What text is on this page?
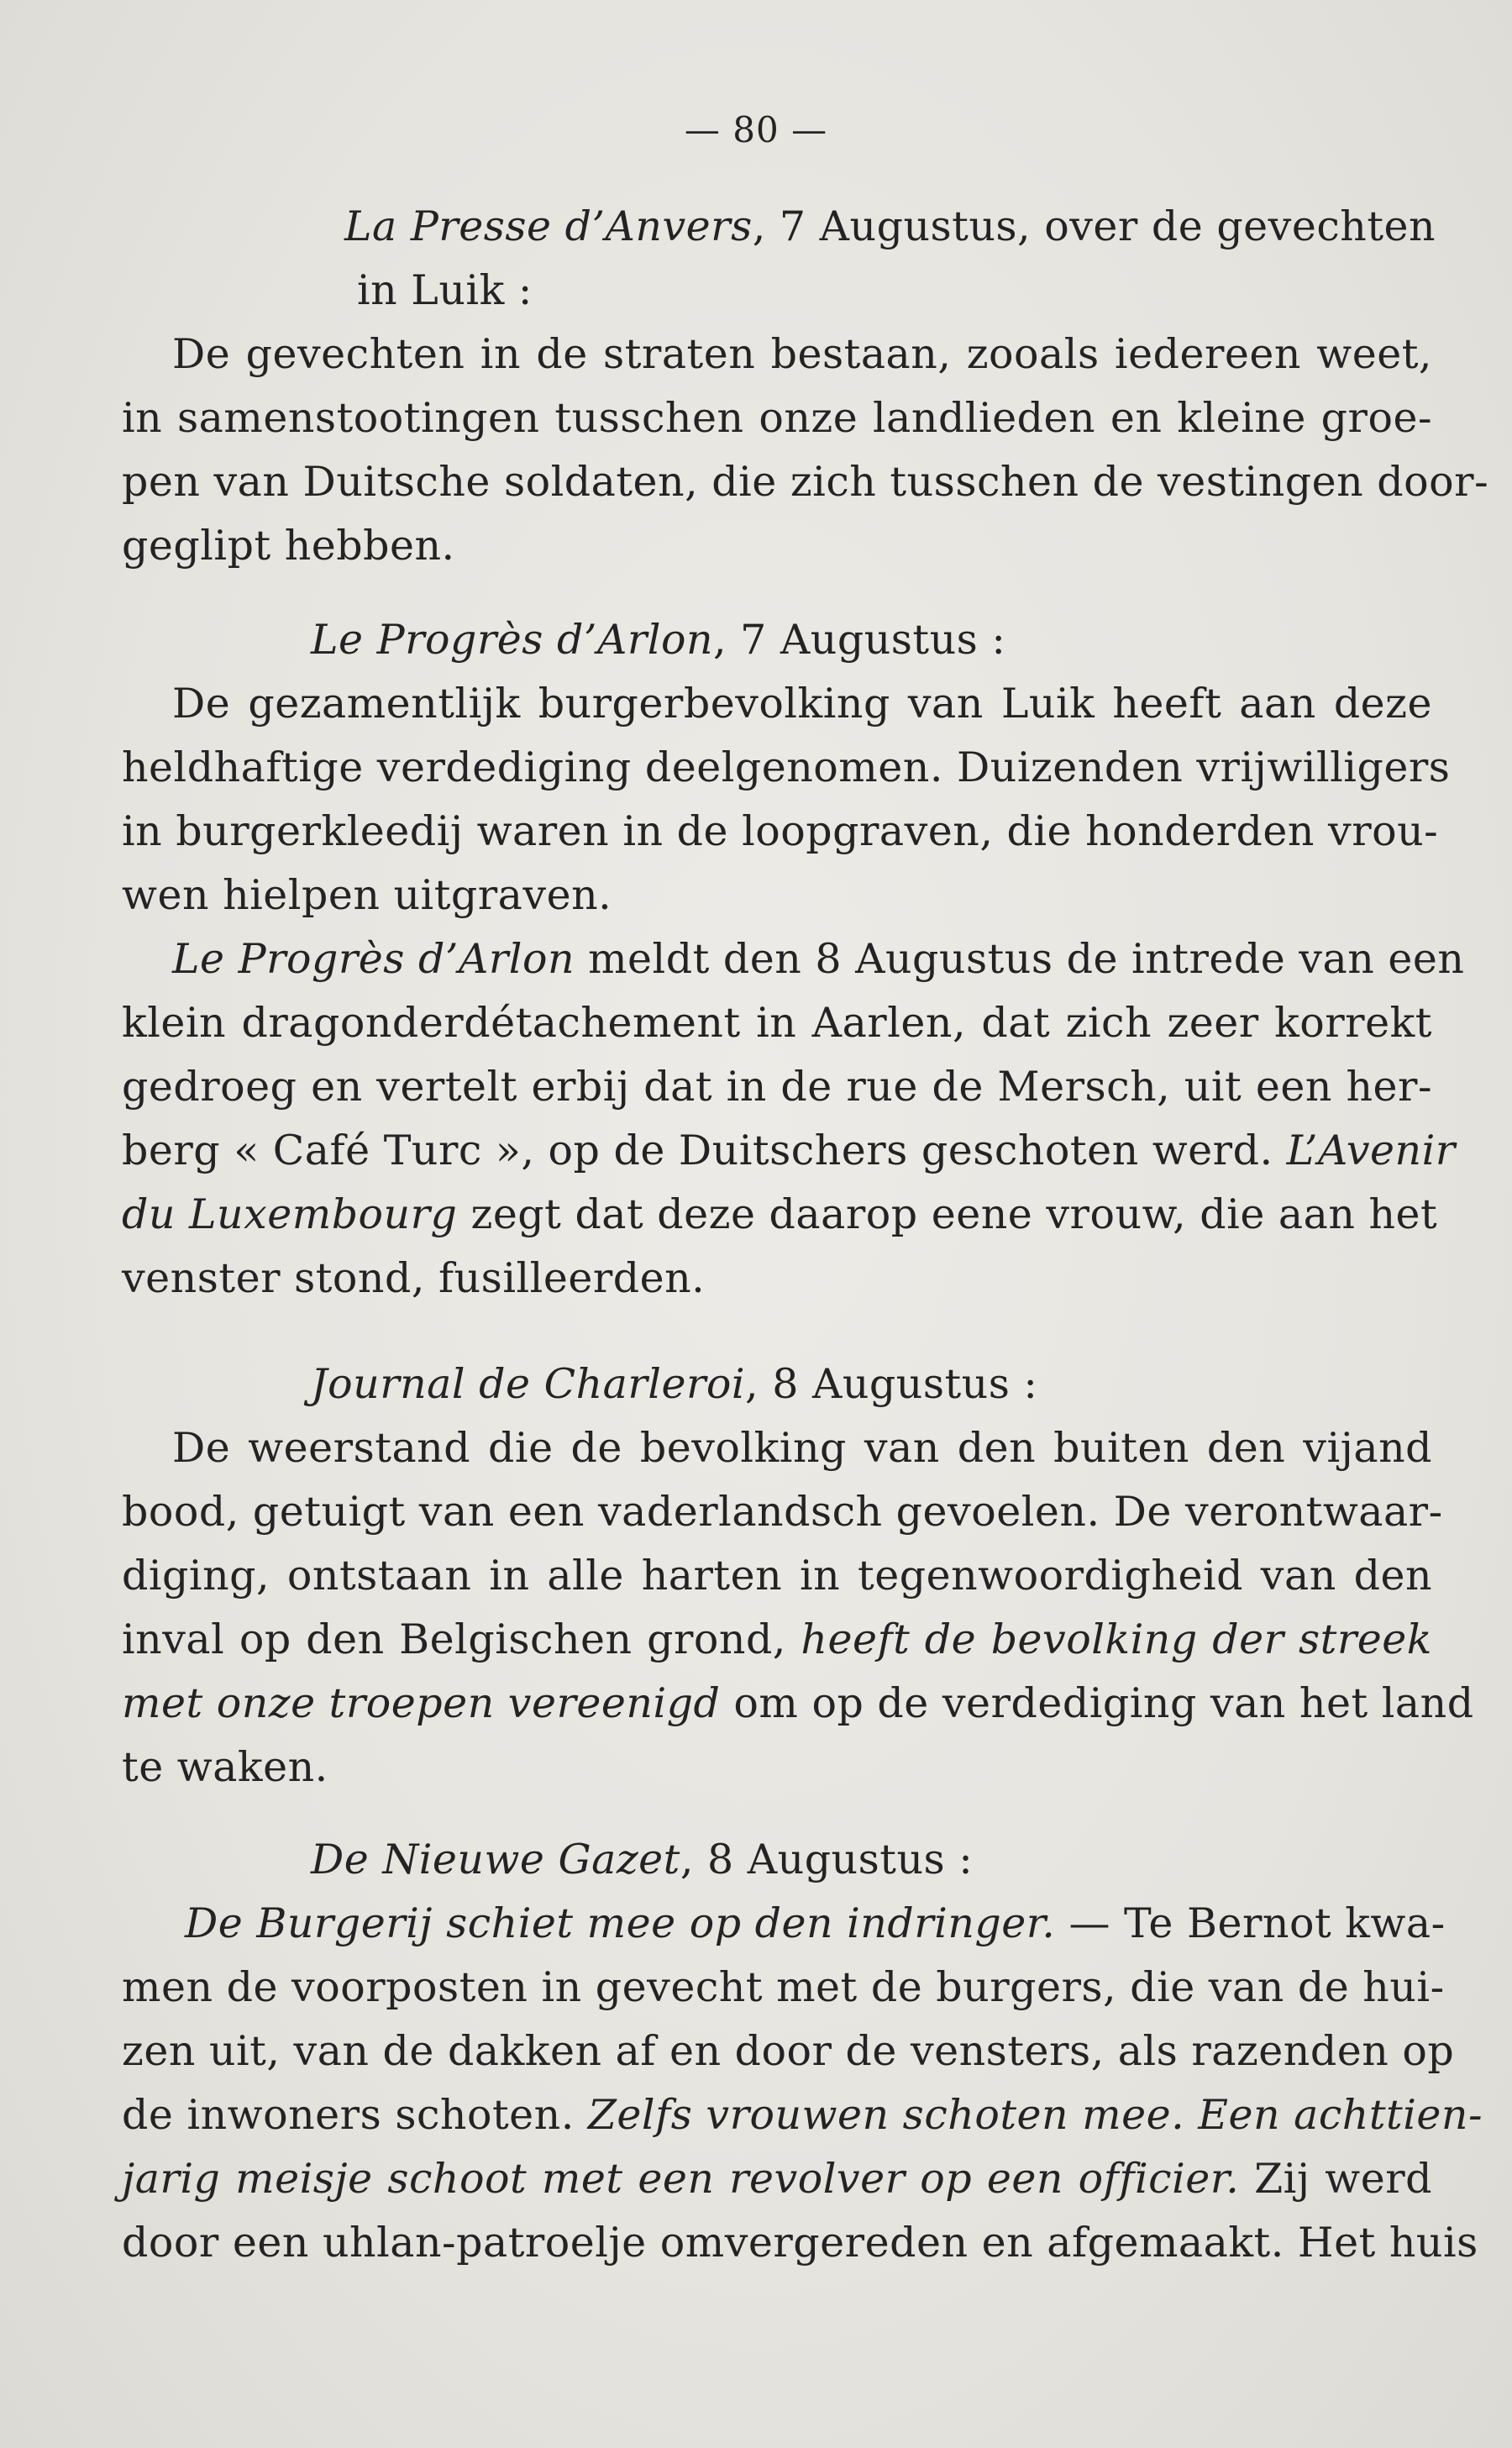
— 80 —
La Presse d’Anvers, 7 Augustus, over de gevechten
in Luik :
De gevechten in de straten bestaan, zooals iedereen weet,
in samenstootingen tusschen onze landlieden en kleine groe-
pen van Duitsche soldaten, die zich tusschen de vestingen door-
geglipt hebben.
Le Progrès d’Arlon, 7 Augustus :
De gezamentlijk burgerbevolking van Luik heeft aan deze
heldhaftige verdediging deelgenomen. Duizenden vrijwilligers
in burgerkleedij waren in de loopgraven, die honderden vrou-
wen hielpen uitgraven.
Le Progrès d’Arlon meldt den 8 Augustus de intrede van een
klein dragonderdétachement in Aarlen, dat zich zeer korrekt
gedroeg en vertelt erbij dat in de rue de Mersch, uit een her-
berg « Café Turc », op de Duitschers geschoten werd. L’Avenir
du Luxembourg zegt dat deze daarop eene vrouw, die aan het
venster stond, fusilleerden.
Journal de Charleroi, 8 Augustus :
De weerstand die de bevolking van den buiten den vijand
bood, getuigt van een vaderlandsch gevoelen. De verontwaar-
diging, ontstaan in alle harten in tegenwoordigheid van den
inval op den Belgischen grond, heeft de bevolking der streek
met onze troepen vereenigd om op de verdediging van het land
te waken.
De Nieuwe Gazet, 8 Augustus :
De Burgerij schiet mee op den indringer. — Te Bernot kwa-
men de voorposten in gevecht met de burgers, die van de hui-
zen uit, van de dakken af en door de vensters, als razenden op
de inwoners schoten. Zelfs vrouwen schoten mee. Een achttien-
jarig meisje schoot met een revolver op een officier. Zij werd
door een uhlan-patroelje omvergereden en afgemaakt. Het huis
